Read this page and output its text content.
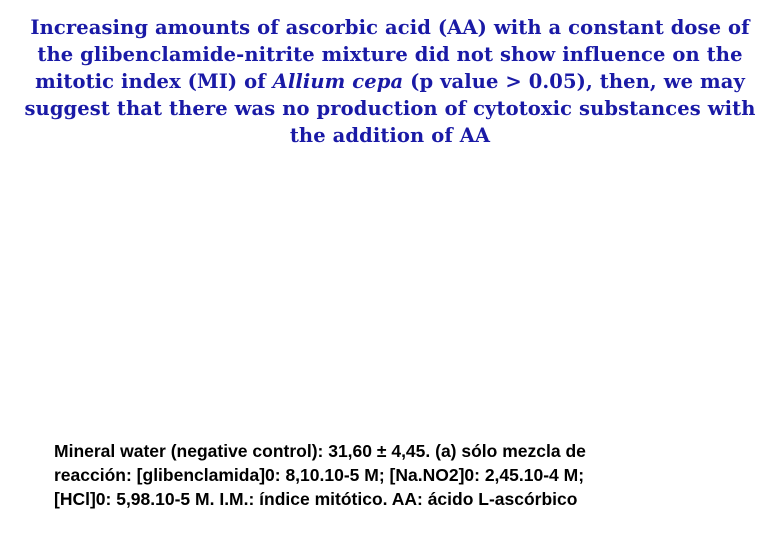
Increasing amounts of ascorbic acid (AA) with a constant dose of the glibenclamide-nitrite mixture did not show influence on the mitotic index (MI) of Allium cepa (p value > 0.05), then, we may suggest that there was no production of cytotoxic substances with the addition of AA
Mineral water (negative control): 31,60 ± 4,45. (a) sólo mezcla de
reacción: [glibenclamida]0: 8,10.10-5 M; [Na.NO2]0: 2,45.10-4 M;
[HCl]0: 5,98.10-5 M. I.M.: índice mitótico. AA: ácido L-ascórbico
